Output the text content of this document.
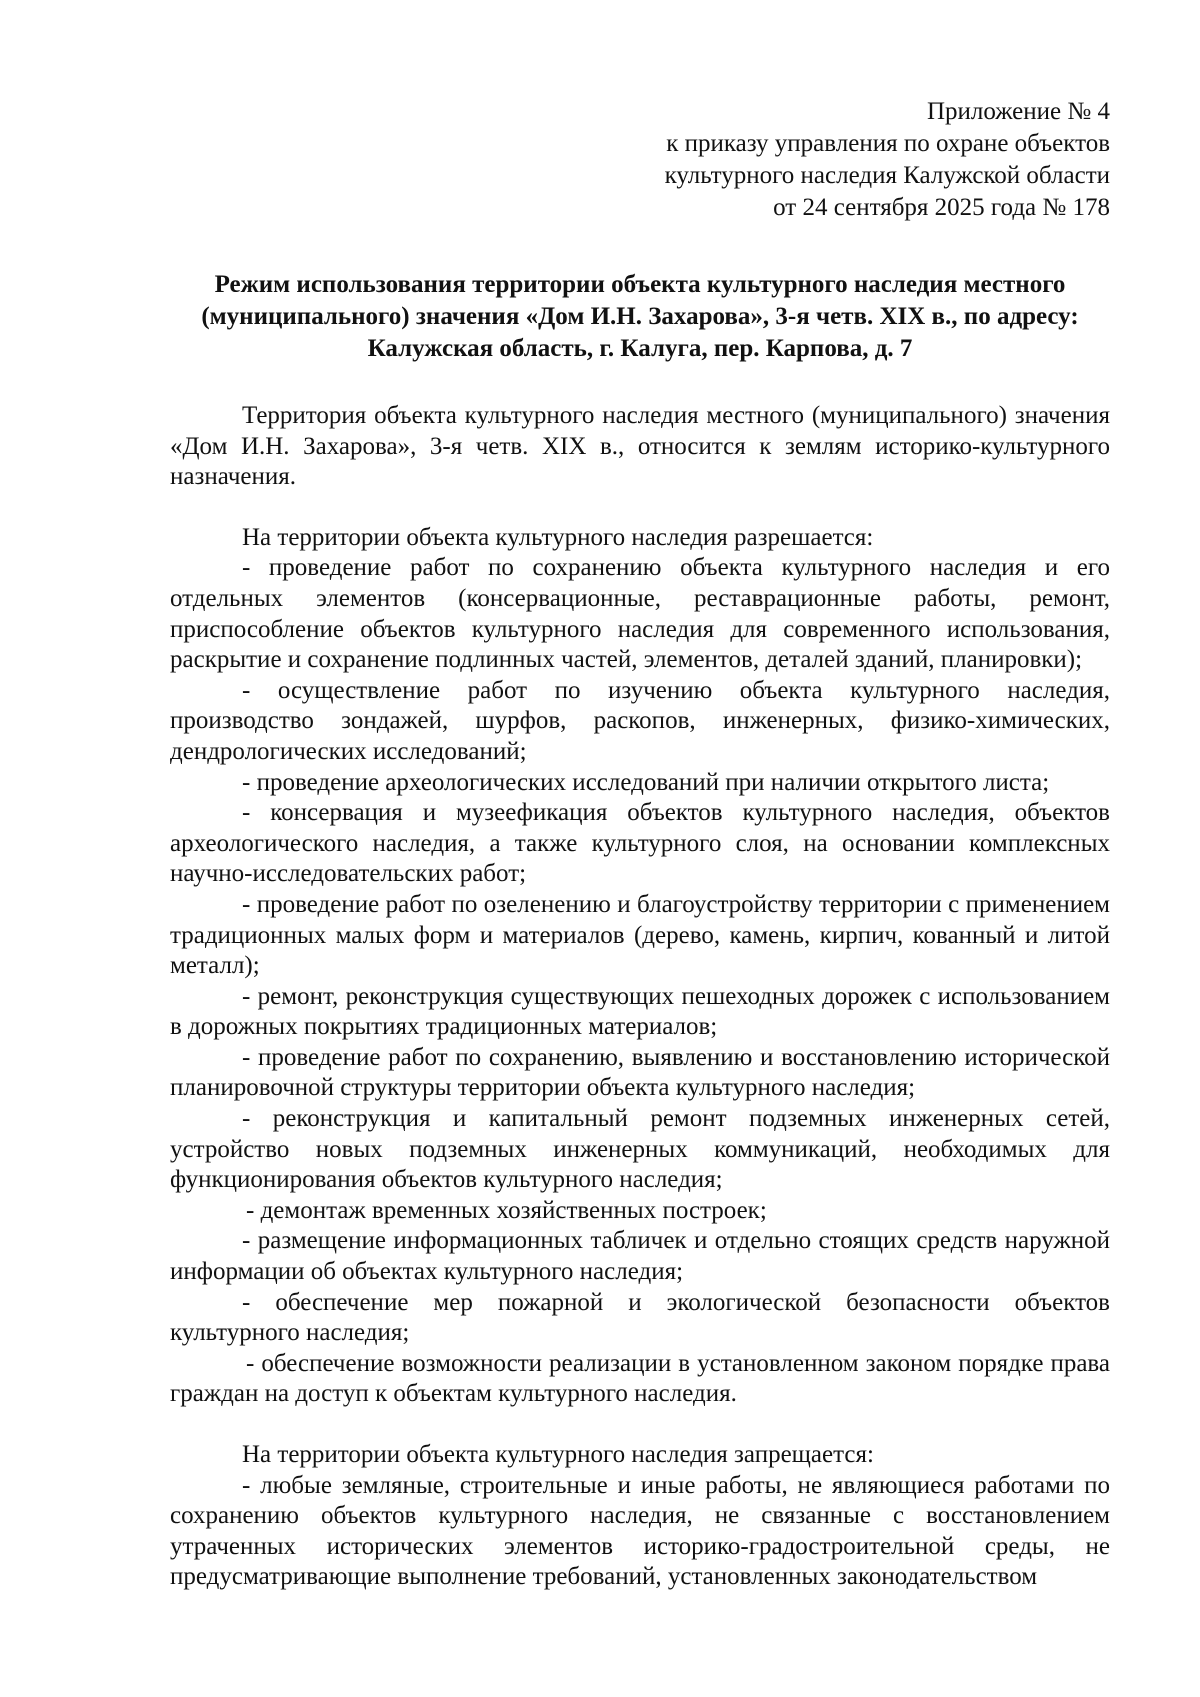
Приложение № 4
к приказу управления по охране объектов
культурного наследия Калужской области
от 24 сентября 2025 года № 178
Режим использования территории объекта культурного наследия местного
(муниципального) значения «Дом И.Н. Захарова», 3-я четв. XIX в., по адресу:
Калужская область, г. Калуга, пер. Карпова, д. 7

Территория объекта культурного наследия местного (муниципального) значения «Дом И.Н. Захарова», 3-я четв. XIX в., относится к землям историко-культурного назначения.

На территории объекта культурного наследия разрешается:

- проведение работ по сохранению объекта культурного наследия и его отдельных элементов (консервационные, реставрационные работы, ремонт, приспособление объектов культурного наследия для современного использования, раскрытие и сохранение подлинных частей, элементов, деталей зданий, планировки);

- осуществление работ по изучению объекта культурного наследия, производство зондажей, шурфов, раскопов, инженерных, физико-химических, дендрологических исследований;

- проведение археологических исследований при наличии открытого листа;

- консервация и музеефикация объектов культурного наследия, объектов археологического наследия, а также культурного слоя, на основании комплексных научно-исследовательских работ;

- проведение работ по озеленению и благоустройству территории с применением традиционных малых форм и материалов (дерево, камень, кирпич, кованный и литой металл);

- ремонт, реконструкция существующих пешеходных дорожек с использованием в дорожных покрытиях традиционных материалов;

- проведение работ по сохранению, выявлению и восстановлению исторической планировочной структуры территории объекта культурного наследия;

- реконструкция и капитальный ремонт подземных инженерных сетей, устройство новых подземных инженерных коммуникаций, необходимых для функционирования объектов культурного наследия;

- демонтаж временных хозяйственных построек;

- размещение информационных табличек и отдельно стоящих средств наружной информации об объектах культурного наследия;

- обеспечение мер пожарной и экологической безопасности объектов культурного наследия;

- обеспечение возможности реализации в установленном законом порядке права граждан на доступ к объектам культурного наследия.

На территории объекта культурного наследия запрещается:

- любые земляные, строительные и иные работы, не являющиеся работами по сохранению объектов культурного наследия, не связанные с восстановлением утраченных исторических элементов историко-градостроительной среды, не предусматривающие выполнение требований, установленных законодательством
